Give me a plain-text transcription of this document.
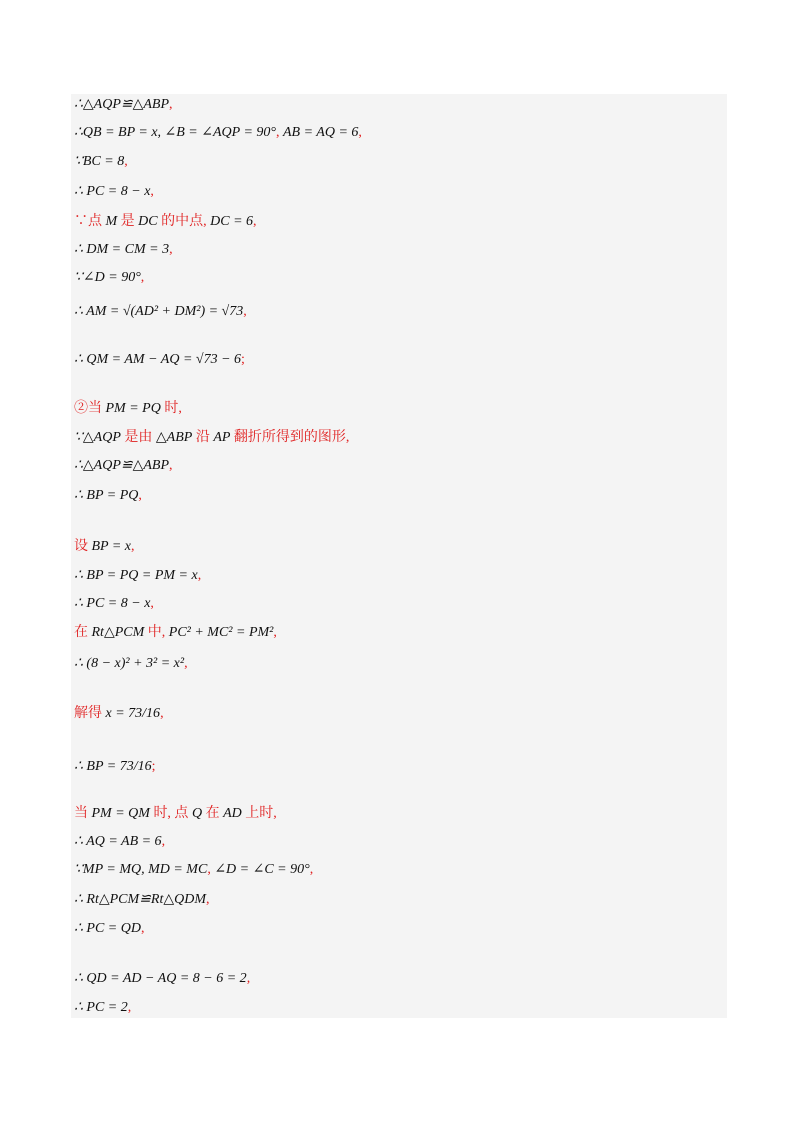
∴△AQP≌△ABP,
∴QB = BP = x, ∠B = ∠AQP = 90°, AB = AQ = 6,
∵BC = 8,
∴ PC = 8 − x,
∵点 M 是 DC 的中点, DC = 6,
∴ DM = CM = 3,
∵∠D = 90°,
∴ AM = √(AD² + DM²) = √73,
∴ QM = AM − AQ = √73 − 6;
②当 PM = PQ 时,
∵△AQP 是由 △ABP 沿 AP 翻折所得到的图形,
∴△AQP≌△ABP,
∴ BP = PQ,
设 BP = x,
∴ BP = PQ = PM = x,
∴ PC = 8 − x,
在 Rt△PCM 中, PC² + MC² = PM²,
∴ (8 − x)² + 3² = x²,
解得 x = 73/16,
∴ BP = 73/16;
当 PM = QM 时, 点 Q 在 AD 上时,
∴ AQ = AB = 6,
∵MP = MQ, MD = MC, ∠D = ∠C = 90°,
∴ Rt△PCM≌Rt△QDM,
∴ PC = QD,
∴ QD = AD − AQ = 8 − 6 = 2,
∴ PC = 2,
